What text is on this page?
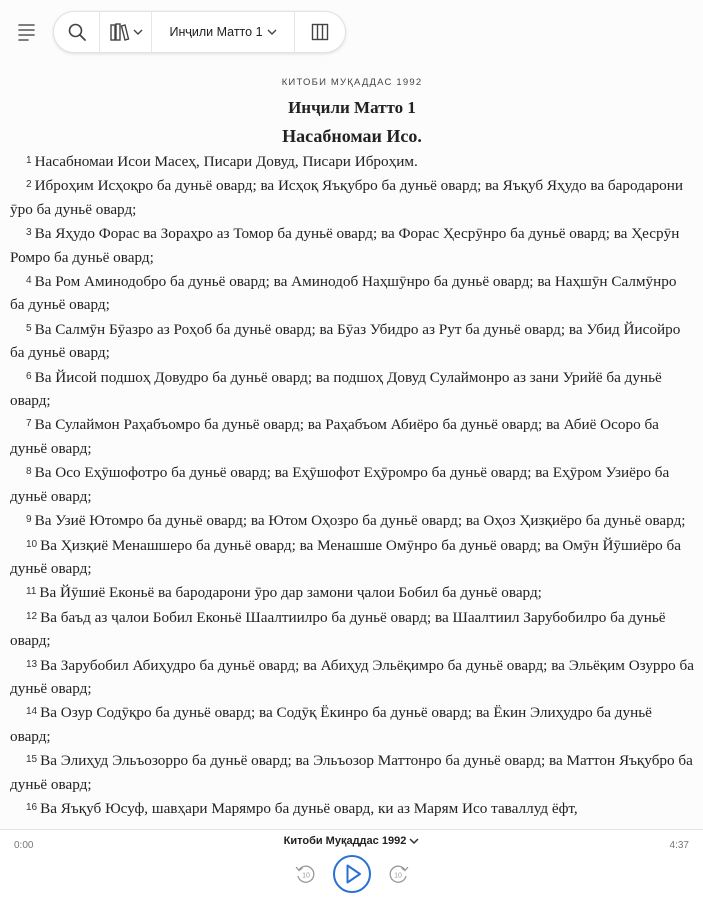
Инҷили Матто 1
КИТОБИ МУҚАДДАС 1992
Инҷили Матто 1
Насабномаи Исо.
1 Насабномаи Исои Масеҳ, Писари Довуд, Писари Иброҳим.
2 Иброҳим Исҳоқро ба дуньё овард; ва Исҳоқ Яъқубро ба дуньё овард; ва Яъқуб Яҳудо ва бародарони ӯро ба дуньё овард;
3 Ва Яҳудо Форас ва Зораҳро аз Томор ба дуньё овард; ва Форас Ҳесрӯнро ба дуньё овард; ва Ҳесрӯн Ромро ба дуньё овард;
4 Ва Ром Аминодобро ба дуньё овард; ва Аминодоб Наҳшӯнро ба дуньё овард; ва Наҳшӯн Салмӯнро ба дуньё овард;
5 Ва Салмӯн Бӯазро аз Роҳоб ба дуньё овард; ва Бӯаз Убидро аз Рут ба дуньё овард; ва Убид Йисойро ба дуньё овард;
6 Ва Йисой подшоҳ Довудро ба дуньё овард; ва подшоҳ Довуд Сулаймонро аз зани Урийё ба дуньё овард;
7 Ва Сулаймон Раҳабъомро ба дуньё овард; ва Раҳабъом Абиёро ба дуньё овард; ва Абиё Осоро ба дуньё овард;
8 Ва Осо Еҳӯшофотро ба дуньё овард; ва Еҳӯшофот Еҳӯромро ба дуньё овард; ва Еҳӯром Узиёро ба дуньё овард;
9 Ва Узиё Ютомро ба дуньё овард; ва Ютом Оҳозро ба дуньё овард; ва Оҳоз Ҳизқиёро ба дуньё овард;
10 Ва Ҳизқиё Менашшеро ба дуньё овард; ва Менашше Омӯнро ба дуньё овард; ва Омӯн Йӯшиёро ба дуньё овард;
11 Ва Йӯшиё Еконьё ва бародарони ӯро дар замони ҷалои Бобил ба дуньё овард;
12 Ва баъд аз ҷалои Бобил Еконьё Шаалтиилро ба дуньё овард; ва Шаалтиил Зарубобилро ба дуньё овард;
13 Ва Зарубобил Абиҳудро ба дуньё овард; ва Абиҳуд Эльёқимро ба дуньё овард; ва Эльёқим Озурро ба дуньё овард;
14 Ва Озур Содӯқро ба дуньё овард; ва Содӯқ Ёкинро ба дуньё овард; ва Ёкин Элиҳудро ба дуньё овард;
15 Ва Элиҳуд Эльъозорро ба дуньё овард; ва Эльъозор Маттонро ба дуньё овард; ва Маттон Яъқубро ба дуньё овард;
16 Ва Яъқуб Юсуф, шавҳари Марямро ба дуньё овард, ки аз Марям Исо таваллуд ёфт,
0:00	4:37
Китоби Муқаддас 1992
10	10
